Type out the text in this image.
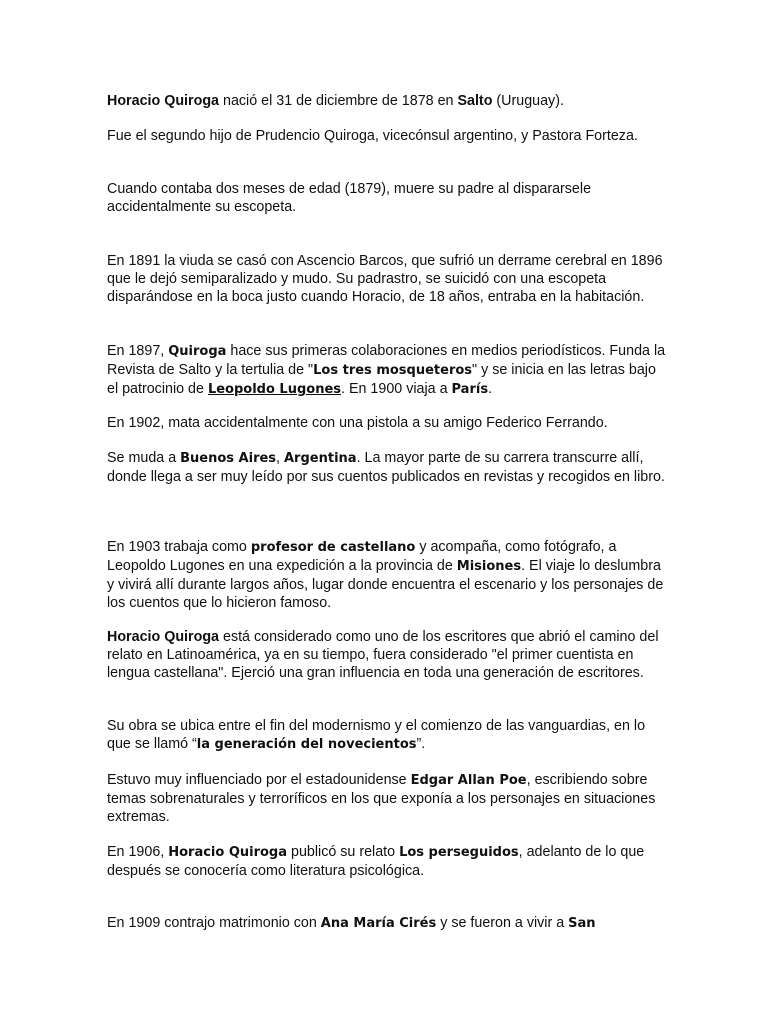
Horacio Quiroga nació el 31 de diciembre de 1878 en Salto (Uruguay).

Fue el segundo hijo de Prudencio Quiroga, vicecónsul argentino, y Pastora Forteza.

Cuando contaba dos meses de edad (1879), muere su padre al dispararsele accidentalmente su escopeta.

En 1891 la viuda se casó con Ascencio Barcos, que sufrió un derrame cerebral en 1896 que le dejó semiparalizado y mudo. Su padrastro, se suicidó con una escopeta disparándose en la boca justo cuando Horacio, de 18 años, entraba en la habitación.

En 1897, Quiroga hace sus primeras colaboraciones en medios periodísticos. Funda la Revista de Salto y la tertulia de "Los tres mosqueteros" y se inicia en las letras bajo el patrocinio de Leopoldo Lugones. En 1900 viaja a París.

En 1902, mata accidentalmente con una pistola a su amigo Federico Ferrando.

Se muda a Buenos Aires, Argentina. La mayor parte de su carrera transcurre allí, donde llega a ser muy leído por sus cuentos publicados en revistas y recogidos en libro.

En 1903 trabaja como profesor de castellano y acompaña, como fotógrafo, a Leopoldo Lugones en una expedición a la provincia de Misiones. El viaje lo deslumbra y vivirá allí durante largos años, lugar donde encuentra el escenario y los personajes de los cuentos que lo hicieron famoso.

Horacio Quiroga está considerado como uno de los escritores que abrió el camino del relato en Latinoamérica, ya en su tiempo, fuera considerado "el primer cuentista en lengua castellana". Ejerció una gran influencia en toda una generación de escritores.

Su obra se ubica entre el fin del modernismo y el comienzo de las vanguardias, en lo que se llamó “la generación del novecientos”.

Estuvo muy influenciado por el estadounidense Edgar Allan Poe, escribiendo sobre temas sobrenaturales y terroríficos en los que exponía a los personajes en situaciones extremas.

En 1906, Horacio Quiroga publicó su relato Los perseguidos, adelanto de lo que después se conocería como literatura psicológica.

En 1909 contrajo matrimonio con Ana María Cirés y se fueron a vivir a San
